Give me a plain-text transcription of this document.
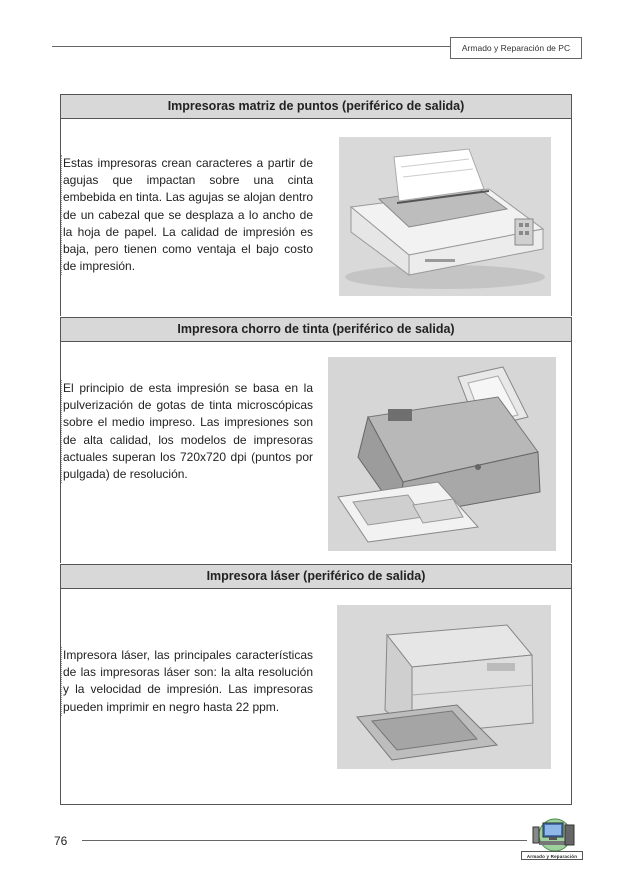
Armado y Reparación de PC
Impresoras matriz de puntos (periférico de salida)
Estas impresoras crean caracteres a partir de agujas que impactan sobre una cinta embebida en tinta. Las agujas se alojan dentro de un cabezal que se desplaza a lo ancho de la hoja de papel. La calidad de impresión es baja, pero tienen como ventaja el bajo costo de impresión.
Impresora chorro de tinta (periférico de salida)
El principio de esta impresión se basa en la pulverización de gotas de tinta microscópicas sobre el medio impreso. Las impresiones son de alta calidad, los modelos de impresoras actuales superan los 720x720 dpi (puntos por pulgada) de resolución.
Impresora láser (periférico de salida)
Impresora láser, las principales características de las impresoras láser son: la alta resolución y la velocidad de impresión. Las impresoras pueden imprimir en negro hasta 22 ppm.
76
Armado y Reparación
